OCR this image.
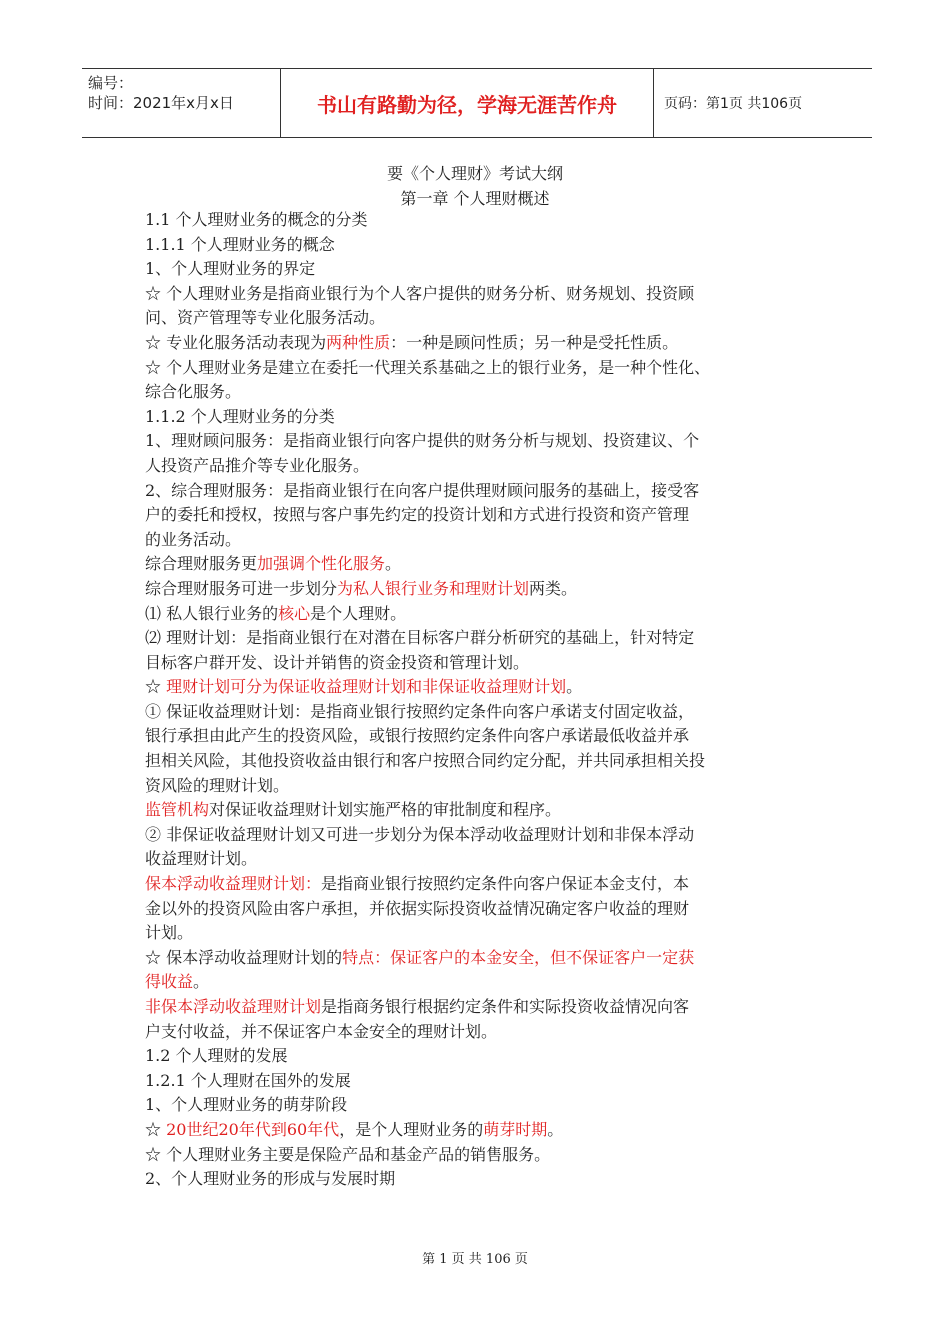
编号：
时间：2021年x月x日	书山有路勤为径，学海无涯苦作舟	页码：第1页 共106页
要《个人理财》考试大纲
第一章 个人理财概述

1.1 个人理财业务的概念的分类

1.1.1 个人理财业务的概念

1、个人理财业务的界定

☆ 个人理财业务是指商业银行为个人客户提供的财务分析、财务规划、投资顾

问、资产管理等专业化服务活动。

☆ 专业化服务活动表现为两种性质：一种是顾问性质；另一种是受托性质。

☆ 个人理财业务是建立在委托一代理关系基础之上的银行业务，是一种个性化、

综合化服务。

1.1.2 个人理财业务的分类

1、理财顾问服务：是指商业银行向客户提供的财务分析与规划、投资建议、个

人投资产品推介等专业化服务。

2、综合理财服务：是指商业银行在向客户提供理财顾问服务的基础上，接受客

户的委托和授权，按照与客户事先约定的投资计划和方式进行投资和资产管理

的业务活动。

综合理财服务更加强调个性化服务。

综合理财服务可进一步划分为私人银行业务和理财计划两类。

⑴ 私人银行业务的核心是个人理财。

⑵ 理财计划：是指商业银行在对潜在目标客户群分析研究的基础上，针对特定

目标客户群开发、设计并销售的资金投资和管理计划。

☆ 理财计划可分为保证收益理财计划和非保证收益理财计划。

① 保证收益理财计划：是指商业银行按照约定条件向客户承诺支付固定收益，

银行承担由此产生的投资风险，或银行按照约定条件向客户承诺最低收益并承

担相关风险，其他投资收益由银行和客户按照合同约定分配，并共同承担相关投

资风险的理财计划。

监管机构对保证收益理财计划实施严格的审批制度和程序。

② 非保证收益理财计划又可进一步划分为保本浮动收益理财计划和非保本浮动

收益理财计划。

保本浮动收益理财计划：是指商业银行按照约定条件向客户保证本金支付，本

金以外的投资风险由客户承担，并依据实际投资收益情况确定客户收益的理财

计划。

☆ 保本浮动收益理财计划的特点：保证客户的本金安全，但不保证客户一定获

得收益。

非保本浮动收益理财计划是指商务银行根据约定条件和实际投资收益情况向客

户支付收益，并不保证客户本金安全的理财计划。

1.2 个人理财的发展

1.2.1 个人理财在国外的发展

1、个人理财业务的萌芽阶段

☆ 20世纪20年代到60年代，是个人理财业务的萌芽时期。

☆ 个人理财业务主要是保险产品和基金产品的销售服务。

2、个人理财业务的形成与发展时期

第 1 页 共 106 页
